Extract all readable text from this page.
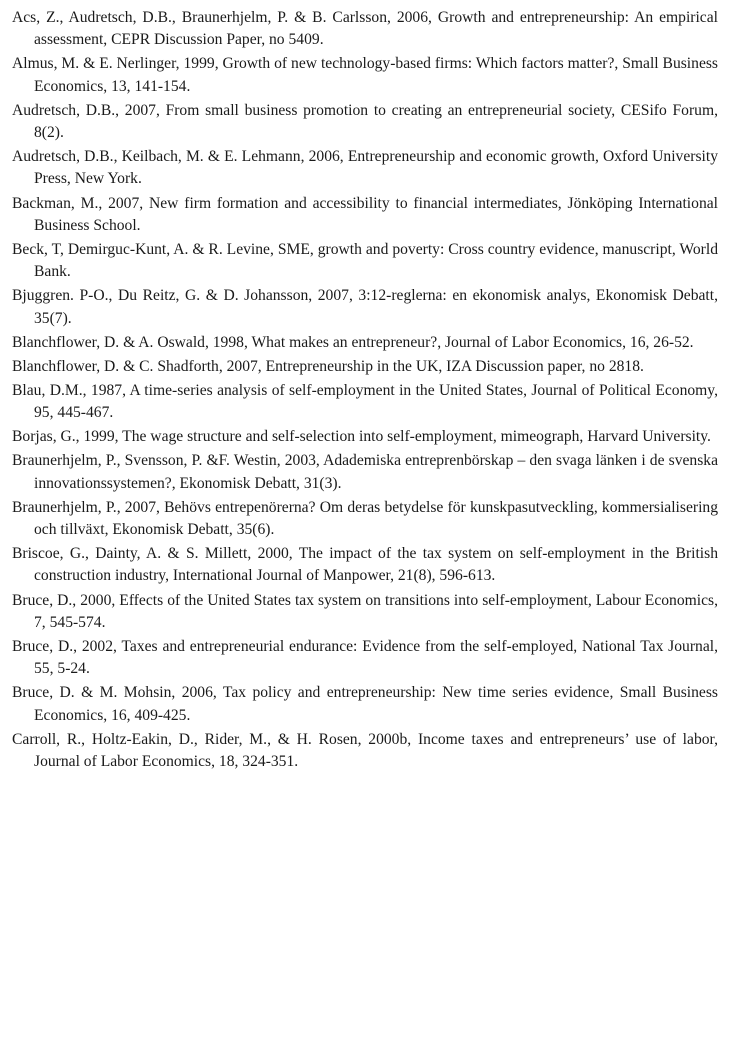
Acs, Z., Audretsch, D.B., Braunerhjelm, P. & B. Carlsson, 2006, Growth and entrepreneurship: An empirical assessment, CEPR Discussion Paper, no 5409.

Almus, M. & E. Nerlinger, 1999, Growth of new technology-based firms: Which factors matter?, Small Business Economics, 13, 141-154.

Audretsch, D.B., 2007, From small business promotion to creating an entrepreneurial society, CESifo Forum, 8(2).

Audretsch, D.B., Keilbach, M. & E. Lehmann, 2006, Entrepreneurship and economic growth, Oxford University Press, New York.

Backman, M., 2007, New firm formation and accessibility to financial intermediates, Jönköping International Business School.

Beck, T, Demirguc-Kunt, A. & R. Levine, SME, growth and poverty: Cross country evidence, manuscript, World Bank.

Bjuggren. P-O., Du Reitz, G. & D. Johansson, 2007, 3:12-reglerna: en ekonomisk analys, Ekonomisk Debatt, 35(7).

Blanchflower, D. & A. Oswald, 1998, What makes an entrepreneur?, Journal of Labor Economics, 16, 26-52.

Blanchflower, D. & C. Shadforth, 2007, Entrepreneurship in the UK, IZA Discussion paper, no 2818.

Blau, D.M., 1987, A time-series analysis of self-employment in the United States, Journal of Political Economy, 95, 445-467.

Borjas, G., 1999, The wage structure and self-selection into self-employment, mimeograph, Harvard University.

Braunerhjelm, P., Svensson, P. &F. Westin, 2003, Adademiska entreprenbörskap – den svaga länken i de svenska innovationssystemen?, Ekonomisk Debatt, 31(3).

Braunerhjelm, P., 2007, Behövs entrepenörerna? Om deras betydelse för kunskpasutveckling, kommersialisering och tillväxt, Ekonomisk Debatt, 35(6).

Briscoe, G., Dainty, A. & S. Millett, 2000, The impact of the tax system on self-employment in the British construction industry, International Journal of Manpower, 21(8), 596-613.

Bruce, D., 2000, Effects of the United States tax system on transitions into self-employment, Labour Economics, 7, 545-574.

Bruce, D., 2002, Taxes and entrepreneurial endurance: Evidence from the self-employed, National Tax Journal, 55, 5-24.

Bruce, D. & M. Mohsin, 2006, Tax policy and entrepreneurship: New time series evidence, Small Business Economics, 16, 409-425.

Carroll, R., Holtz-Eakin, D., Rider, M., & H. Rosen, 2000b, Income taxes and entrepreneurs’ use of labor, Journal of Labor Economics, 18, 324-351.
